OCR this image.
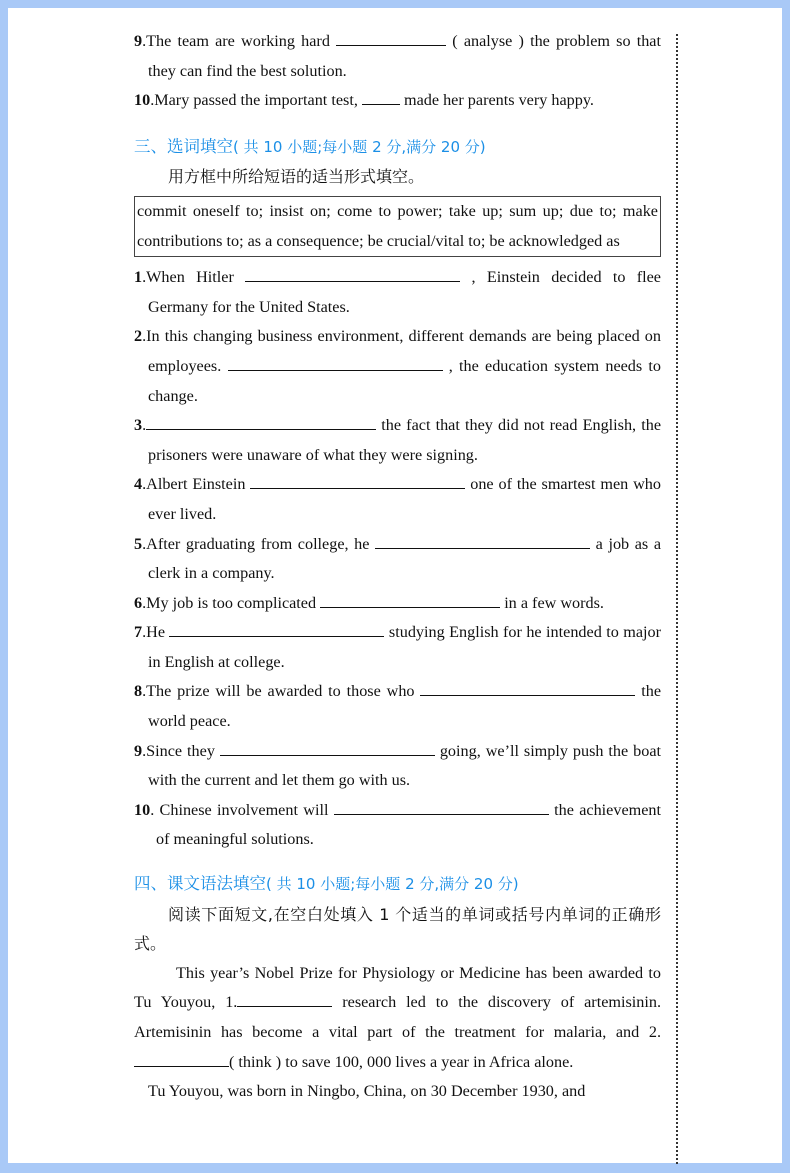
9.The team are working hard	( analyse ) the problem so that they can find the best solution.
10.Mary passed the important test,	made her parents very happy.
三、选词填空( 共 10 小题;每小题 2 分,满分 20 分)
用方框中所给短语的适当形式填空。
commit oneself to; insist on; come to power; take up; sum up; due to; make contributions to; as a consequence; be crucial/vital to; be acknowledged as
1.When Hitler	, Einstein decided to flee Germany for the United States.
2.In this changing business environment, different demands are being placed on employees.	, the education system needs to change.
3.	the fact that they did not read English, the prisoners were unaware of what they were signing.
4.Albert Einstein	one of the smartest men who ever lived.
5.After graduating from college, he	a job as a clerk in a company.
6.My job is too complicated	in a few words.
7.He	studying English for he intended to major in English at college.
8.The prize will be awarded to those who	the world peace.
9.Since they	going, we’ll simply push the boat with the current and let them go with us.
10. Chinese involvement will	the achievement of meaningful solutions.
四、课文语法填空( 共 10 小题;每小题 2 分,满分 20 分)
阅读下面短文,在空白处填入 1 个适当的单词或括号内单词的正确形式。
This year’s Nobel Prize for Physiology or Medicine has been awarded to Tu Youyou, 1.	research led to the discovery of artemisinin. Artemisinin has become a vital part of the treatment for malaria, and 2.( think ) to save 100, 000 lives a year in Africa alone.
Tu Youyou, was born in Ningbo, China, on 30 December 1930, and
